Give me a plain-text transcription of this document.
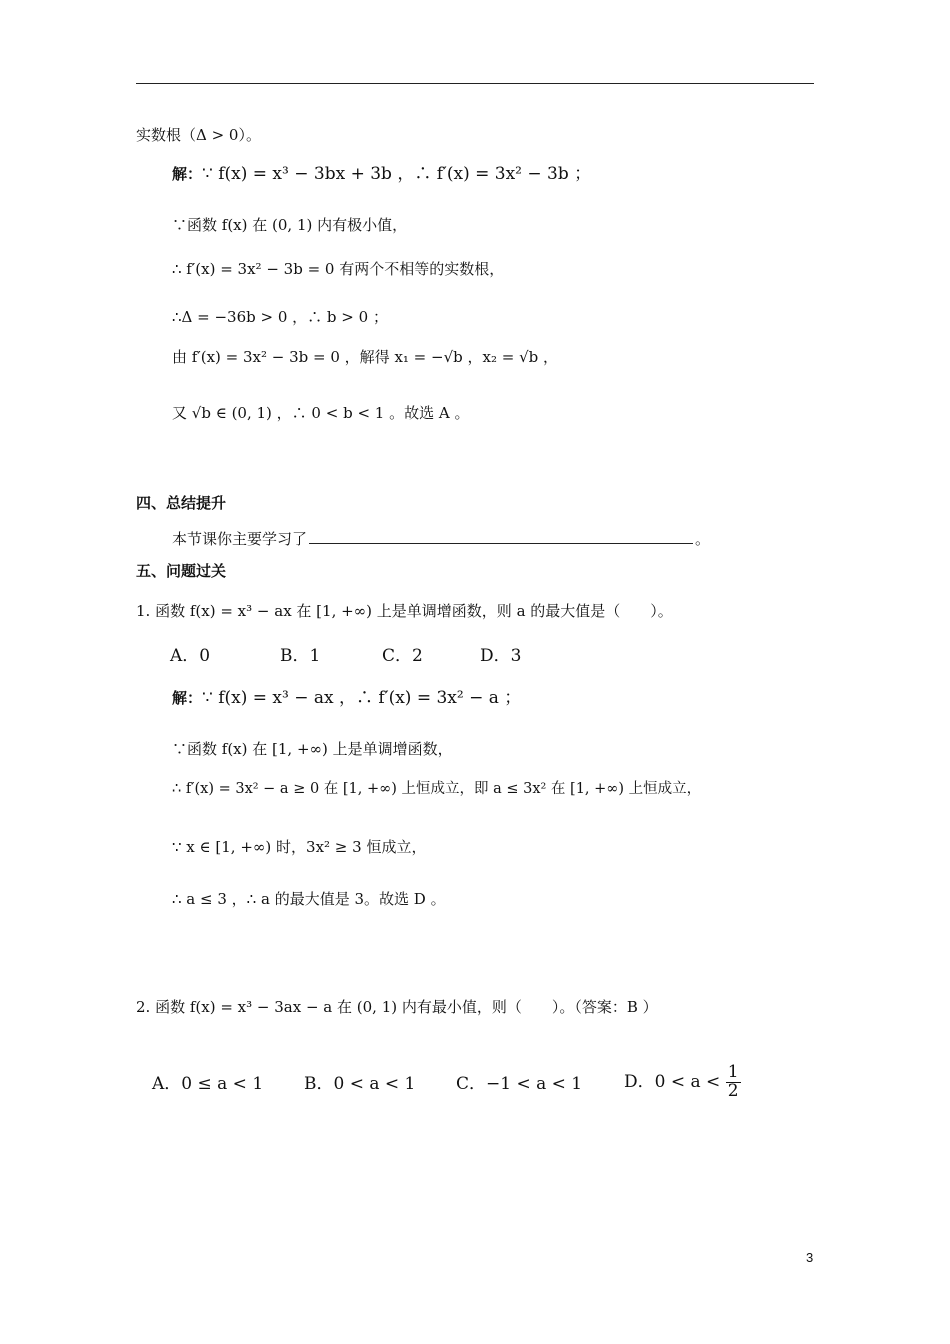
实数根（Δ > 0）。
解：∵ f(x) = x³ − 3bx + 3b ，∴ f′(x) = 3x² − 3b ；
∵函数 f(x) 在 (0, 1) 内有极小值，
∴ f′(x) = 3x² − 3b = 0 有两个不相等的实数根，
∴Δ = −36b > 0 ，∴ b > 0 ；
由 f′(x) = 3x² − 3b = 0 ，解得 x₁ = −√b ，x₂ = √b ，
又 √b ∈ (0, 1) ，∴ 0 < b < 1 。故选 A 。
四、总结提升
本节课你主要学习了	。
五、问题过关
1. 函数 f(x) = x³ − ax 在 [1, +∞) 上是单调增函数，则 a 的最大值是（　　）。
A．0	B．1	C．2	D．3
解：∵ f(x) = x³ − ax ，∴ f′(x) = 3x² − a ；
∵函数 f(x) 在 [1, +∞) 上是单调增函数，
∴ f′(x) = 3x² − a ≥ 0 在 [1, +∞) 上恒成立，即 a ≤ 3x² 在 [1, +∞) 上恒成立，
∵ x ∈ [1, +∞) 时，3x² ≥ 3 恒成立，
∴ a ≤ 3 ，∴ a 的最大值是 3。故选 D 。
2. 函数 f(x) = x³ − 3ax − a 在 (0, 1) 内有最小值，则（　　）。（答案：B ）
A．0 ≤ a < 1 B．0 < a < 1 C．−1 < a < 1 D．$0 < a < \frac{1}{2}$
3
